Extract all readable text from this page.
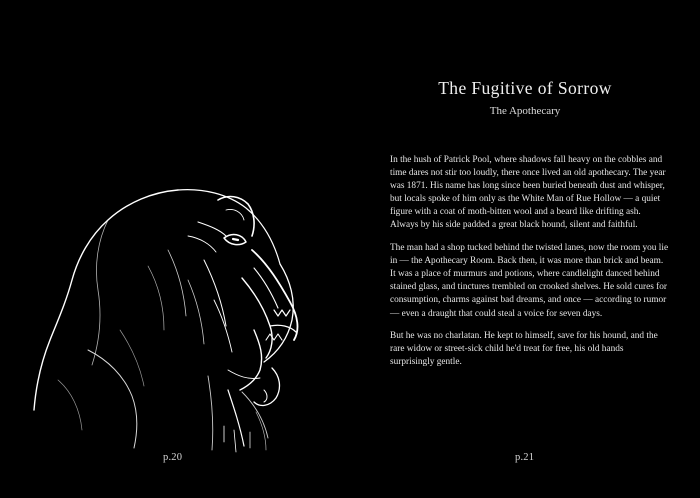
p.20
The Fugitive of Sorrow
The Apothecary

In the hush of Patrick Pool, where shadows fall heavy on the cobbles and time dares not stir too loudly, there once lived an old apothecary. The year was 1871. His name has long since been buried beneath dust and whisper, but locals spoke of him only as the White Man of Rue Hollow — a quiet figure with a coat of moth-bitten wool and a beard like drifting ash. Always by his side padded a great black hound, silent and faithful.

The man had a shop tucked behind the twisted lanes, now the room you lie in — the Apothecary Room. Back then, it was more than brick and beam. It was a place of murmurs and potions, where candlelight danced behind stained glass, and tinctures trembled on crooked shelves. He sold cures for consumption, charms against bad dreams, and once — according to rumor — even a draught that could steal a voice for seven days.

But he was no charlatan. He kept to himself, save for his hound, and the rare widow or street-sick child he'd treat for free, his old hands surprisingly gentle.

p.21
